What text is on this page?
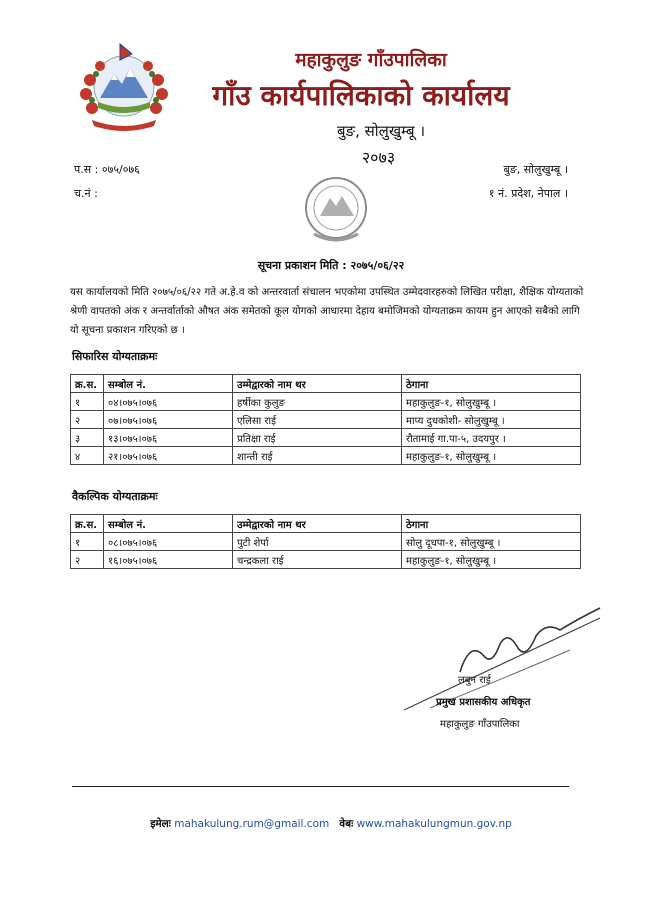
महाकुलुङ गाँउपालिका
गाँउ कार्यपालिकाको कार्यालय
बुङ, सोलुखुम्बू ।
२०७३
प.स : ०७५/०७६
च.नं :
बुङ, सोलुखुम्बू ।
१ नं. प्रदेश, नेपाल ।
सूचना प्रकाशन मिति : २०७५/०६/२२
यस कार्यालयको मिति २०७५/०६/२२ गते अ.हे.व को अन्तरवार्ता संचालन भएकोमा उपस्थित उम्मेदवारहरुको लिखित परीक्षा, शैक्षिक योग्यताको श्रेणी वापतको अंक र अन्तर्वार्ताको औषत अंक समेतको कूल योगको आधारमा देहाय बमोजिमको योग्यताक्रम कायम हुन आएको सबैको लागि यो सूचना प्रकाशन गरिएको छ ।
सिफारिस योग्यताक्रमः
क्र.स.	सम्बोल नं.	उम्मेद्वारको नाम थर	ठेगाना
१	०४।०७५।०७६	हर्षीका कुलुङ	महाकुलुङ-१, सोलुखुम्बू ।
२	०७।०७५।०७६	एलिसा राई	माप्य दुधकोशी- सोलुखुम्बू ।
३	१३।०७५।०७६	प्रतिक्षा राई	रौतामाई गा.पा-५, उदयपुर ।
४	२१।०७५।०७६	शान्ती राई	महाकुलुङ-१, सोलुखुम्बू ।
वैकल्पिक योग्यताक्रमः
क्र.स.	सम्बोल नं.	उम्मेद्वारको नाम थर	ठेगाना
१	०८।०७५।०७६	पुटी शेर्पा	सोलु दूधपा-१, सोलुखुम्बू ।
२	१६।०७५।०७६	चन्द्रकला राई	महाकुलुङ-१, सोलुखुम्बू ।
लबुन राई
प्रमुख प्रशासकीय अधिकृत
महाकुलुङ गाँउपालिका
इमेलः mahakulung.rum@gmail.com वेबः www.mahakulungmun.gov.np
